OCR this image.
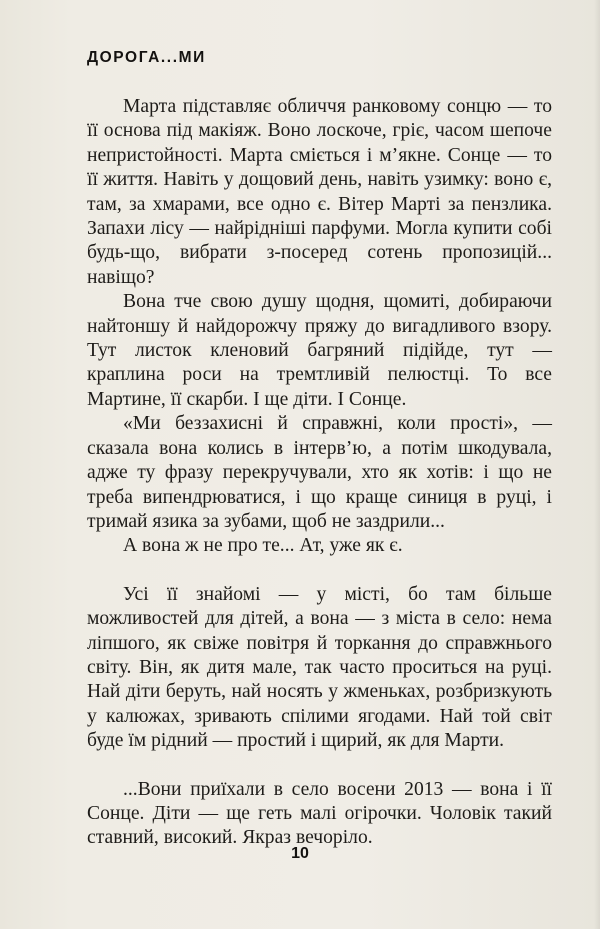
ДОРОГА...МИ

Марта підставляє обличчя ранковому сонцю — то її основа під макіяж. Воно лоскоче, гріє, часом шепоче непристойності. Марта сміється і м’якне. Сонце — то її життя. Навіть у дощовий день, навіть узимку: воно є, там, за хмарами, все одно є. Вітер Марті за пензлика. Запахи лісу — найрідніші парфуми. Могла купити собі будь-що, вибрати з-посеред сотень пропозицій... навіщо?

Вона тче свою душу щодня, щомиті, добираючи найтоншу й найдорожчу пряжу до вигадливого взору. Тут листок кленовий багряний підійде, тут — краплина роси на тремтливій пелюстці. То все Мартине, її скарби. І ще діти. І Сонце.

«Ми беззахисні й справжні, коли прості», — сказала вона колись в інтерв’ю, а потім шкодувала, адже ту фразу перекручували, хто як хотів: і що не треба випендрюватися, і що краще синиця в руці, і тримай язика за зубами, щоб не заздрили...

А вона ж не про те... Ат, уже як є.

Усі її знайомі — у місті, бо там більше можливостей для дітей, а вона — з міста в село: нема ліпшого, як свіже повітря й торкання до справжнього світу. Він, як дитя мале, так часто проситься на руці. Най діти беруть, най носять у жменьках, розбризкують у калюжах, зривають спілими ягодами. Най той світ буде їм рідний — простий і щирий, як для Марти.

...Вони приїхали в село восени 2013 — вона і її Сонце. Діти — ще геть малі огірочки. Чоловік такий ставний, високий. Якраз вечоріло.

10
